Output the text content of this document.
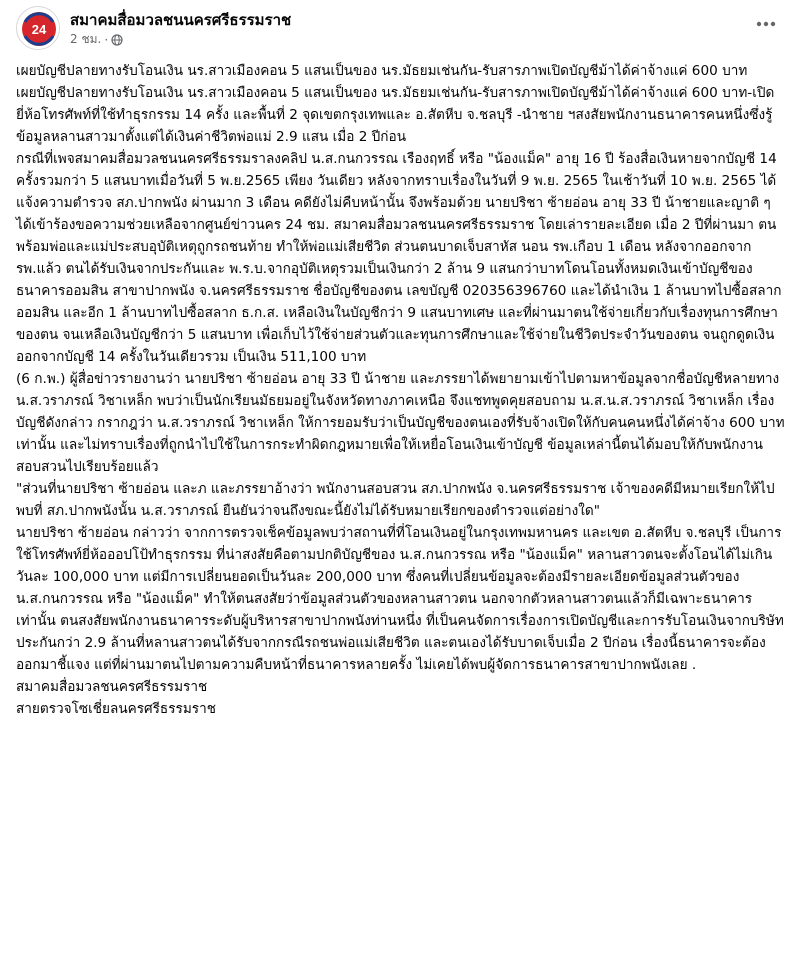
24
สมาคมสื่อมวลชนนครศรีธรรมราช
2 ชม. ·

เผยบัญชีปลายทางรับโอนเงิน นร.สาวเมืองคอน 5 แสนเป็นของ นร.มัธยมเช่นกัน-รับสารภาพเปิดบัญชีม้าได้ค่าจ้างแค่ 600 บาท

เผยบัญชีปลายทางรับโอนเงิน นร.สาวเมืองคอน 5 แสนเป็นของ นร.มัธยมเช่นกัน-รับสารภาพเปิดบัญชีม้าได้ค่าจ้างแค่ 600 บาท-เปิดยี่ห้อโทรศัพท์ที่ใช้ทำธุรกรรม 14 ครั้ง และพื้นที่ 2 จุดเขตกรุงเทพและ อ.สัตหีบ จ.ชลบุรี -นำชาย ฯสงสัยพนักงานธนาคารคนหนึ่งซึ่งรู้ข้อมูลหลานสาวมาตั้งแต่ได้เงินค่าชีวิตพ่อแม่ 2.9 แสน เมื่อ 2 ปีก่อน

กรณีที่เพจสมาคมสื่อมวลชนนครศรีธรรมราลงคลิป น.ส.กนกวรรณ เรืองฤทธิ์ หรือ "น้องแม็ค" อายุ 16 ปี ร้องสื่อเงินหายจากบัญชี 14 ครั้งรวมกว่า 5 แสนบาทเมื่อวันที่ 5 พ.ย.2565 เพียง วันเดียว หลังจากทราบเรื่องในวันที่ 9 พ.ย. 2565 ในเช้าวันที่ 10 พ.ย. 2565 ได้แจ้งความตำรวจ สภ.ปากพนัง ผ่านมาก 3 เดือน คดียังไม่คืบหน้านั้น จึงพร้อมด้วย นายปริชา ซ้ายอ่อน อายุ 33 ปี น้าชายและญาติ ๆได้เข้าร้องขอความช่วยเหลือจากศูนย์ข่าวนคร 24 ชม. สมาคมสื่อมวลชนนครศรีธรรมราช โดยเล่ารายละเอียด เมื่อ 2 ปีที่ผ่านมา ตนพร้อมพ่อและแม่ประสบอุบัติเหตุถูกรถชนท้าย ทำให้พ่อแม่เสียชีวิต ส่วนตนบาดเจ็บสาหัส นอน รพ.เกือบ 1 เดือน หลังจากออกจาก รพ.แล้ว ตนได้รับเงินจากประกันและ พ.ร.บ.จากอุบัติเหตุรวมเป็นเงินกว่า 2 ล้าน 9 แสนกว่าบาทโดนโอนทั้งหมดเงินเข้าบัญชีของธนาคารออมสิน สาขาปากพนัง จ.นครศรีธรรมราช ชื่อบัญชีของตน เลขบัญชี 020356396760 และได้นำเงิน 1 ล้านบาทไปซื้อสลากออมสิน และอีก 1 ล้านบาทไปซื้อสลาก ธ.ก.ส. เหลือเงินในบัญชีกว่า 9 แสนบาทเศษ และที่ผ่านมาตนใช้จ่ายเกี่ยวกับเรื่องทุนการศึกษาของตน จนเหลือเงินบัญชีกว่า 5 แสนบาท เพื่อเก็บไว้ใช้จ่ายส่วนตัวและทุนการศึกษาและใช้จ่ายในชีวิตประจำวันของตน จนถูกดูดเงินออกจากบัญชี 14 ครั้งในวันเดียวรวม เป็นเงิน 511,100 บาท

(6 ก.พ.) ผู้สื่อข่าวรายงานว่า นายปริชา ซ้ายอ่อน อายุ 33 ปี น้าชาย และภรรยาได้พยายามเข้าไปตามหาข้อมูลจากชื่อบัญชีหลายทาง น.ส.วราภรณ์ วิชาเหล็ก พบว่าเป็นนักเรียนมัธยมอยู่ในจังหวัดทางภาคเหนือ จึงแชทพูดคุยสอบถาม น.ส.น.ส.วราภรณ์ วิชาเหล็ก เรื่องบัญชีดังกล่าว กรากฎว่า น.ส.วราภรณ์ วิชาเหล็ก ให้การยอมรับว่าเป็นบัญชีของตนเองที่รับจ้างเปิดให้กับคนคนหนึ่งได้ค่าจ้าง 600 บาทเท่านั้น และไม่ทราบเรื่องที่ถูกนำไปใช้ในการกระทำผิดกฎหมายเพื่อให้เหยื่อโอนเงินเข้าบัญชี ข้อมูลเหล่านี้ตนได้มอบให้กับพนักงานสอบสวนไปเรียบร้อยแล้ว

"ส่วนที่นายปริชา ซ้ายอ่อน และภ และภรรยาอ้างว่า พนักงานสอบสวน สภ.ปากพนัง จ.นครศรีธรรมราช เจ้าของคดีมีหมายเรียกให้ไปพบที่ สภ.ปากพนังนั้น น.ส.วราภรณ์ ยืนยันว่าจนถึงขณะนี้ยังไม่ได้รับหมายเรียกของตำรวจแต่อย่างใด"

นายปริชา ซ้ายอ่อน กล่าวว่า จากการตรวจเช็คข้อมูลพบว่าสถานที่ที่โอนเงินอยู่ในกรุงเทพมหานคร และเขต อ.สัตหีบ จ.ชลบุรี เป็นการใช้โทรศัพท์ยี่ห้อออปโป้ทำธุรกรรม ที่น่าสงสัยคือตามปกติบัญชีของ น.ส.กนกวรรณ หรือ "น้องแม็ค" หลานสาวตนจะตั้งโอนได้ไม่เกินวันละ 100,000 บาท แต่มีการเปลี่ยนยอดเป็นวันละ 200,000 บาท ซึ่งคนที่เปลี่ยนข้อมูลจะต้องมีรายละเอียดข้อมูลส่วนตัวของ น.ส.กนกวรรณ หรือ "น้องแม็ค" ทำให้ตนสงสัยว่าข้อมูลส่วนตัวของหลานสาวตน นอกจากตัวหลานสาวตนแล้วก็มีเฉพาะธนาคารเท่านั้น ตนสงสัยพนักงานธนาคารระดับผู้บริหารสาขาปากพนังท่านหนึ่ง ที่เป็นคนจัดการเรื่องการเปิดบัญชีและการรับโอนเงินจากบริษัทประกันกว่า 2.9 ล้านที่หลานสาวตนได้รับจากกรณีรถชนพ่อแม่เสียชีวิต และตนเองได้รับบาดเจ็บเมื่อ 2 ปีก่อน เรื่องนี้ธนาคารจะต้องออกมาชี้แจง แต่ที่ผ่านมาตนไปตามความคืบหน้าที่ธนาคารหลายครั้ง ไม่เคยได้พบผู้จัดการธนาคารสาขาปากพนังเลย .

สมาคมสื่อมวลชนครศรีธรรมราช

สายตรวจโซเชี่ยลนครศรีธรรมราช
